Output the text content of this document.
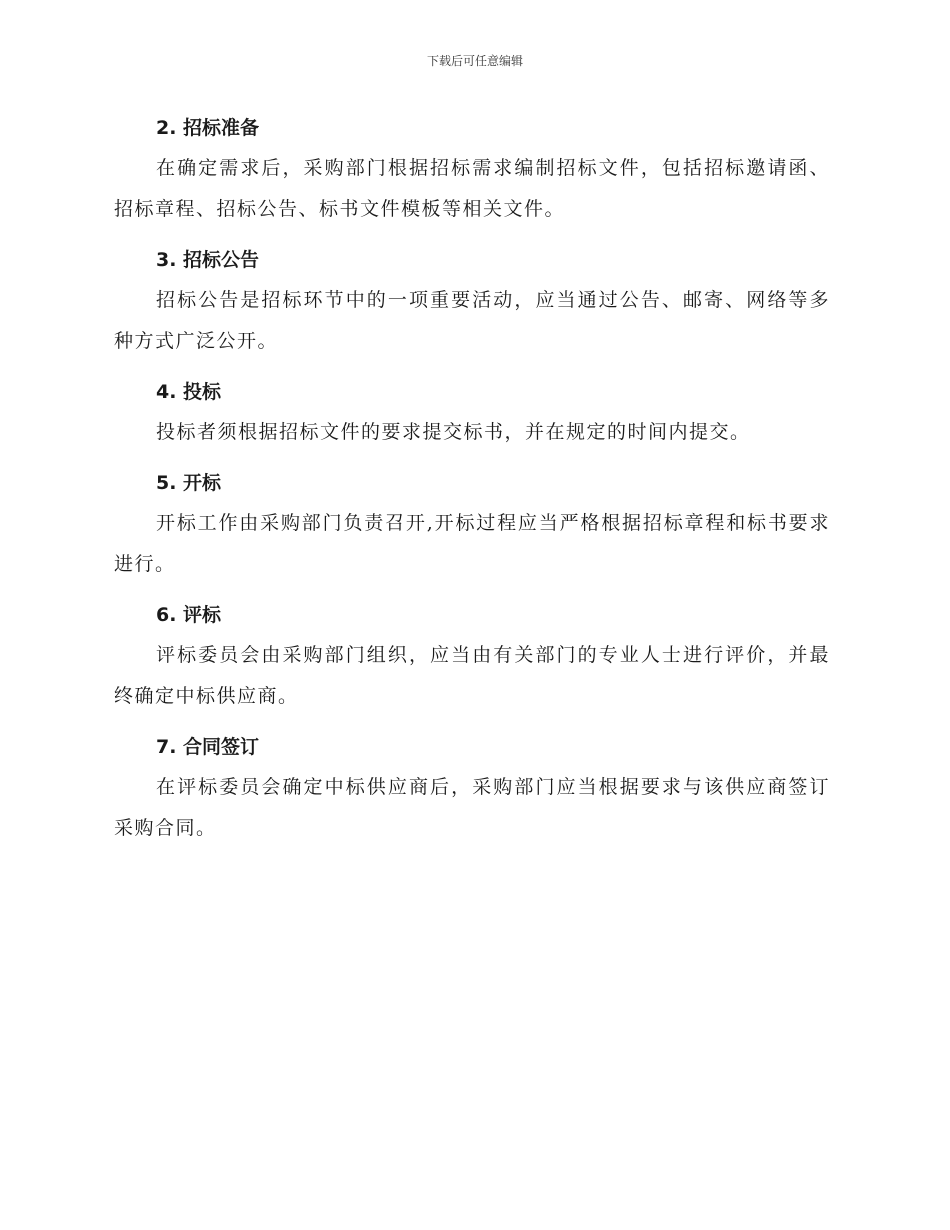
下载后可任意编辑
2. 招标准备

在确定需求后，采购部门根据招标需求编制招标文件，包括招标邀请函、招标章程、招标公告、标书文件模板等相关文件。

3. 招标公告

招标公告是招标环节中的一项重要活动，应当通过公告、邮寄、网络等多种方式广泛公开。

4. 投标

投标者须根据招标文件的要求提交标书，并在规定的时间内提交。

5. 开标

开标工作由采购部门负责召开,开标过程应当严格根据招标章程和标书要求进行。

6. 评标

评标委员会由采购部门组织，应当由有关部门的专业人士进行评价，并最终确定中标供应商。

7. 合同签订

在评标委员会确定中标供应商后，采购部门应当根据要求与该供应商签订采购合同。
